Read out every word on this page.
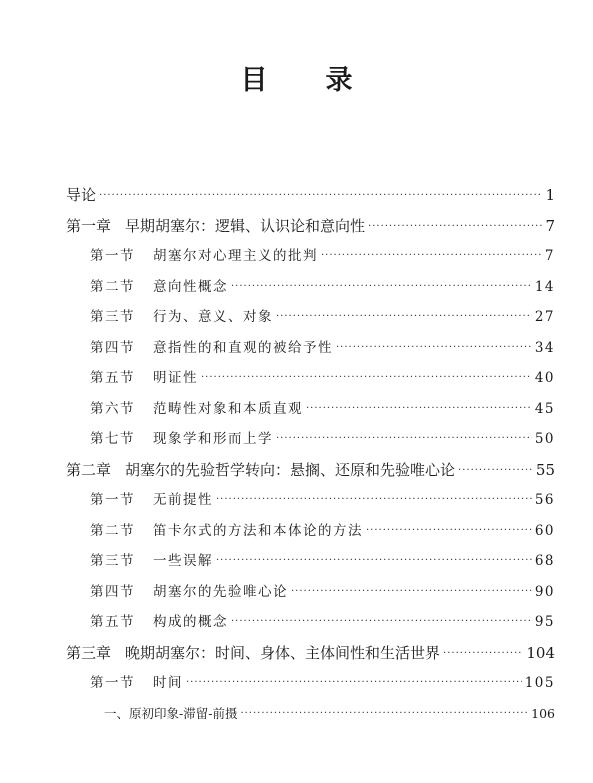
目 录
导论 ·····	1
第一章 早期胡塞尔：逻辑、认识论和意向性 ·····	7
第一节 胡塞尔对心理主义的批判 ·····	7
第二节 意向性概念 ·····	14
第三节 行为、意义、对象 ·····	27
第四节 意指性的和直观的被给予性 ·····	34
第五节 明证性 ·····	40
第六节 范畴性对象和本质直观 ·····	45
第七节 现象学和形而上学 ·····	50
第二章 胡塞尔的先验哲学转向：悬搁、还原和先验唯心论 ·····	55
第一节 无前提性 ·····	56
第二节 笛卡尔式的方法和本体论的方法 ·····	60
第三节 一些误解 ·····	68
第四节 胡塞尔的先验唯心论 ·····	90
第五节 构成的概念 ·····	95
第三章 晚期胡塞尔：时间、身体、主体间性和生活世界 ·····	104
第一节 时间 ·····	105
一、原初印象-滞留-前摄 ·····	106
